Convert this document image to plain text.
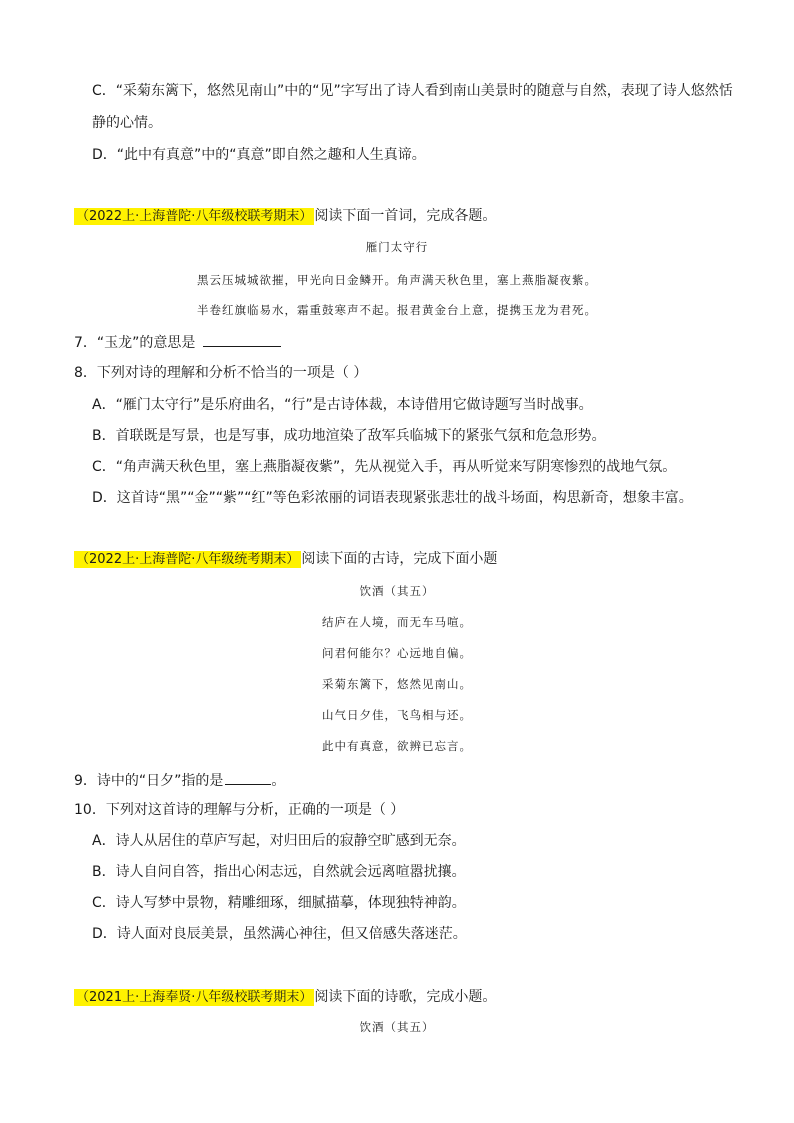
C．“采菊东篱下，悠然见南山”中的“见”字写出了诗人看到南山美景时的随意与自然，表现了诗人悠然恬
静的心情。
D．“此中有真意”中的“真意”即自然之趣和人生真谛。
（2022上·上海普陀·八年级校联考期末） 阅读下面一首词，完成各题。
雁门太守行
黑云压城城欲摧，甲光向日金鳞开。角声满天秋色里，塞上燕脂凝夜紫。
半卷红旗临易水，霜重鼓寒声不起。报君黄金台上意，提携玉龙为君死。
7．“玉龙”的意思是
8．下列对诗的理解和分析不恰当的一项是（ ）
A．“雁门太守行”是乐府曲名，“行”是古诗体裁，本诗借用它做诗题写当时战事。
B．首联既是写景，也是写事，成功地渲染了敌军兵临城下的紧张气氛和危急形势。
C．“角声满天秋色里，塞上燕脂凝夜紫”，先从视觉入手，再从听觉来写阴寒惨烈的战地气氛。
D．这首诗“黑”“金”“紫”“红”等色彩浓丽的词语表现紧张悲壮的战斗场面，构思新奇，想象丰富。
（2022上·上海普陀·八年级统考期末） 阅读下面的古诗，完成下面小题
饮酒（其五）
结庐在人境，而无车马喧。
问君何能尔？心远地自偏。
采菊东篱下，悠然见南山。
山气日夕佳，飞鸟相与还。
此中有真意，欲辨已忘言。
9．诗中的“日夕”指的是	。
10．下列对这首诗的理解与分析，正确的一项是（ ）
A．诗人从居住的草庐写起，对归田后的寂静空旷感到无奈。
B．诗人自问自答，指出心闲志远，自然就会远离喧嚣扰攘。
C．诗人写梦中景物，精雕细琢，细腻描摹，体现独特神韵。
D．诗人面对良辰美景，虽然满心神往，但又倍感失落迷茫。
（2021上·上海奉贤·八年级校联考期末） 阅读下面的诗歌，完成小题。
饮酒（其五）
